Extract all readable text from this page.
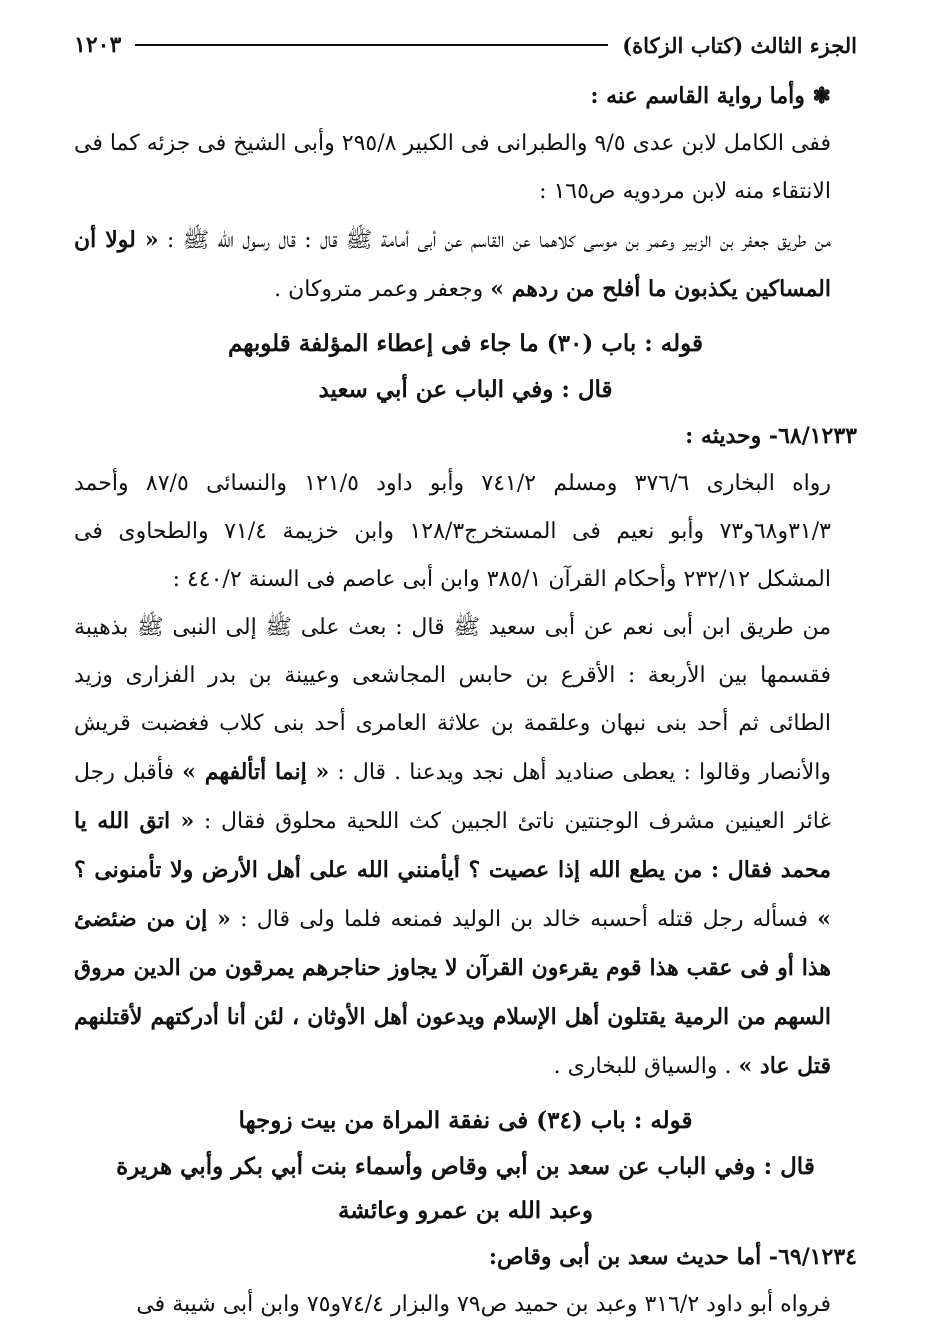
الجزء الثالث (كتاب الزكاة)
١٢٠٣

❃ وأما رواية القاسم عنه :

ففى الكامل لابن عدى ٩/٥ والطبرانى فى الكبير ٢٩٥/٨ وأبى الشيخ فى جزئه كما فى الانتقاء منه لابن مردويه ص١٦٥ :

من طريق جعفر بن الزبير وعمر بن موسى كلاهما عن القاسم عن أبى أمامة ﷺ قال : قال رسول الله ﷺ : « لولا أن المساكين يكذبون ما أفلح من ردهم » وجعفر وعمر متروكان .

قوله : باب (٣٠) ما جاء فى إعطاء المؤلفة قلوبهم

قال : وفي الباب عن أبي سعيد

٦٨/١٢٣٣- وحديثه :

رواه البخارى ٣٧٦/٦ ومسلم ٧٤١/٢ وأبو داود ١٢١/٥ والنسائى ٨٧/٥ وأحمد ٣١/٣و٦٨و٧٣ وأبو نعيم فى المستخرج١٢٨/٣ وابن خزيمة ٧١/٤ والطحاوى فى المشكل ٢٣٢/١٢ وأحكام القرآن ٣٨٥/١ وابن أبى عاصم فى السنة ٤٤٠/٢ :

من طريق ابن أبى نعم عن أبى سعيد ﷺ قال : بعث على ﷺ إلى النبى ﷺ بذهيبة فقسمها بين الأربعة : الأقرع بن حابس المجاشعى وعيينة بن بدر الفزارى وزيد الطائى ثم أحد بنى نبهان وعلقمة بن علاثة العامرى أحد بنى كلاب فغضبت قريش والأنصار وقالوا : يعطى صناديد أهل نجد ويدعنا . قال : « إنما أتألفهم » فأقبل رجل غائر العينين مشرف الوجنتين ناتئ الجبين كث اللحية محلوق فقال : « اتق الله يا محمد فقال : من يطع الله إذا عصيت ؟ أيأمنني الله على أهل الأرض ولا تأمنونى ؟ » فسأله رجل قتله أحسبه خالد بن الوليد فمنعه فلما ولى قال : « إن من ضئضئ هذا أو فى عقب هذا قوم يقرءون القرآن لا يجاوز حناجرهم يمرقون من الدين مروق السهم من الرمية يقتلون أهل الإسلام ويدعون أهل الأوثان ، لئن أنا أدركتهم لأقتلنهم قتل عاد » . والسياق للبخارى .

قوله : باب (٣٤) فى نفقة المراة من بيت زوجها

قال : وفي الباب عن سعد بن أبي وقاص وأسماء بنت أبي بكر وأبي هريرة وعبد الله بن عمرو وعائشة

٦٩/١٢٣٤- أما حديث سعد بن أبى وقاص:

فرواه أبو داود ٣١٦/٢ وعبد بن حميد ص٧٩ والبزار ٧٤/٤و٧٥ وابن أبى شيبة فى
